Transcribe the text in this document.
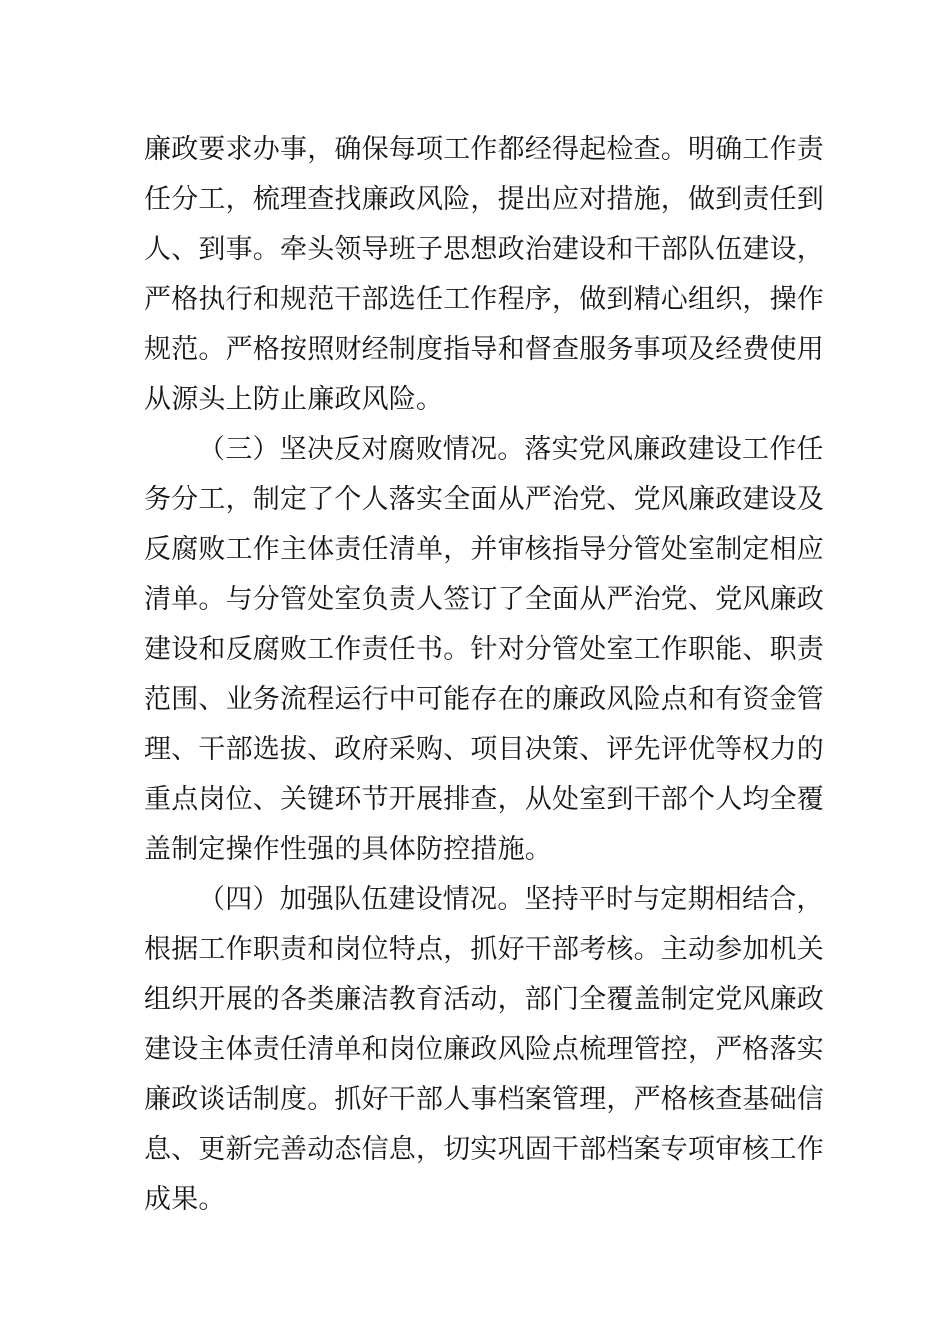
廉政要求办事，确保每项工作都经得起检查。明确工作责
任分工，梳理查找廉政风险，提出应对措施，做到责任到
人、到事。牵头领导班子思想政治建设和干部队伍建设，
严格执行和规范干部选任工作程序，做到精心组织，操作
规范。严格按照财经制度指导和督查服务事项及经费使用
从源头上防止廉政风险。
（三）坚决反对腐败情况。落实党风廉政建设工作任
务分工，制定了个人落实全面从严治党、党风廉政建设及
反腐败工作主体责任清单，并审核指导分管处室制定相应
清单。与分管处室负责人签订了全面从严治党、党风廉政
建设和反腐败工作责任书。针对分管处室工作职能、职责
范围、业务流程运行中可能存在的廉政风险点和有资金管
理、干部选拔、政府采购、项目决策、评先评优等权力的
重点岗位、关键环节开展排查，从处室到干部个人均全覆
盖制定操作性强的具体防控措施。
（四）加强队伍建设情况。坚持平时与定期相结合，
根据工作职责和岗位特点，抓好干部考核。主动参加机关
组织开展的各类廉洁教育活动，部门全覆盖制定党风廉政
建设主体责任清单和岗位廉政风险点梳理管控，严格落实
廉政谈话制度。抓好干部人事档案管理，严格核查基础信
息、更新完善动态信息，切实巩固干部档案专项审核工作
成果。
